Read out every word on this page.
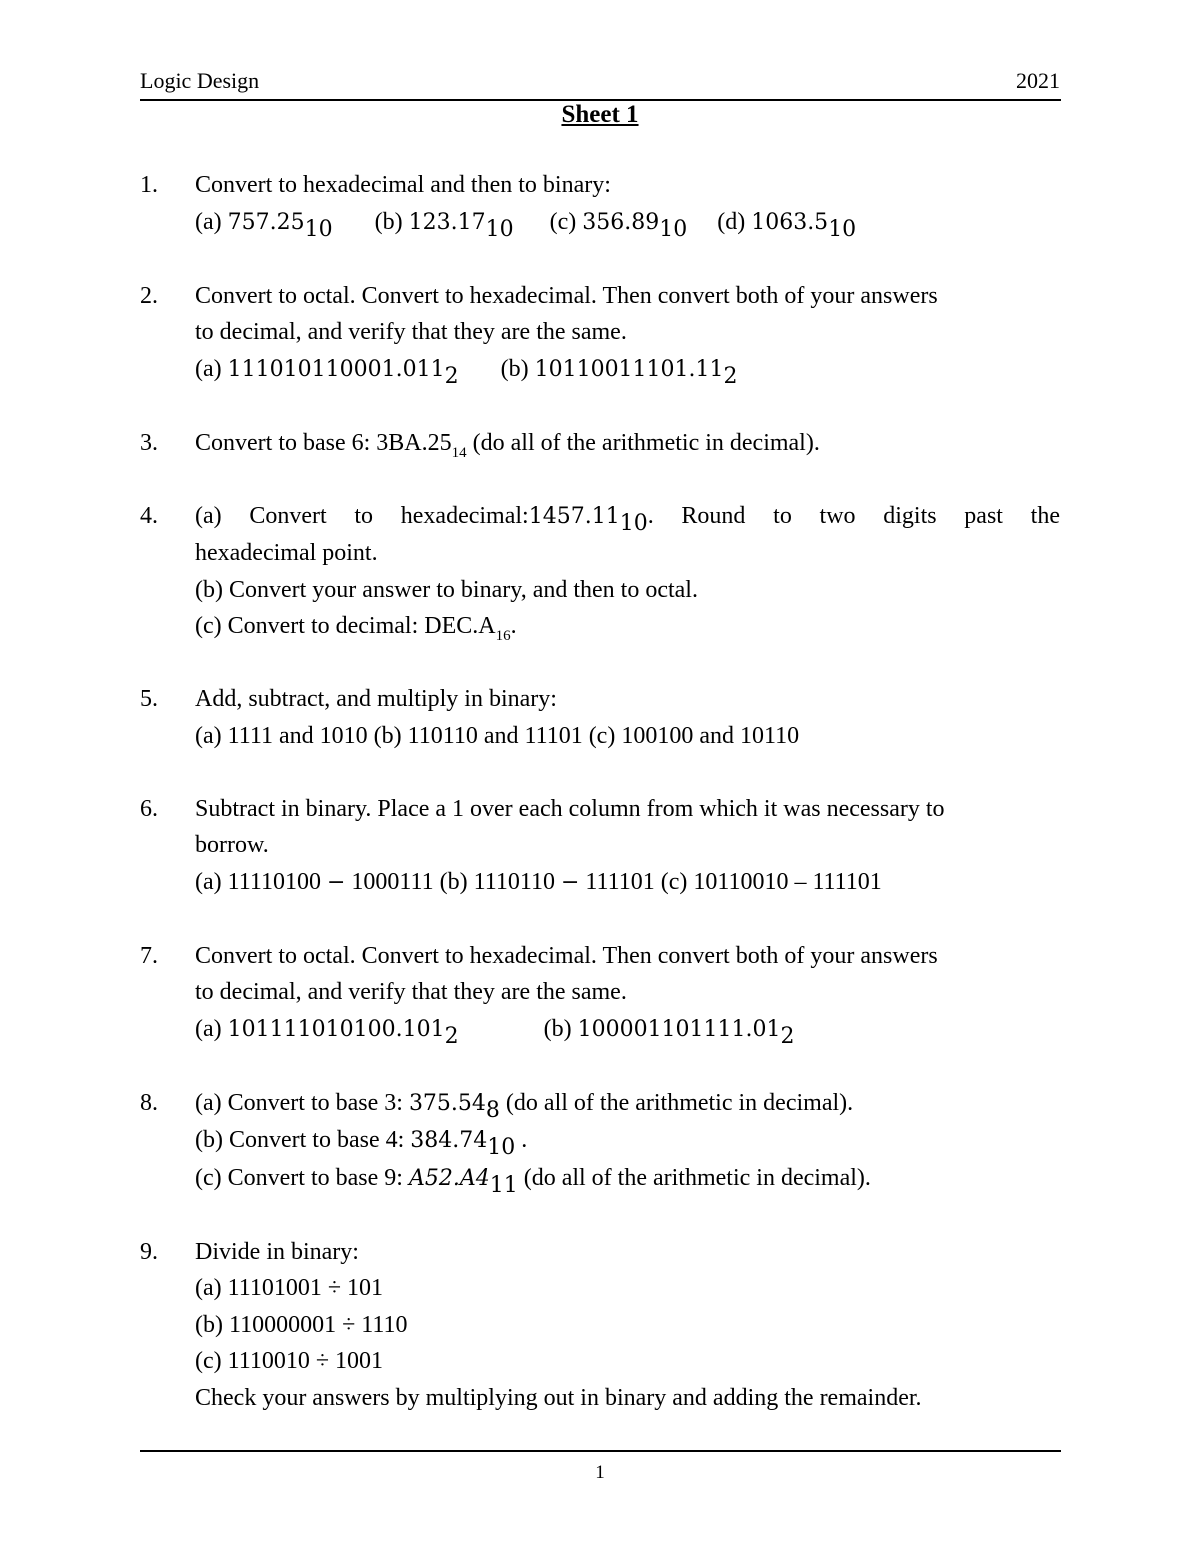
Logic Design	2021
Sheet 1
1.	Convert to hexadecimal and then to binary:
(a) $757.25_{10}$ (b) $123.17_{10}$ (c) $356.89_{10}$ (d) $1063.5_{10}$
2.	Convert to octal. Convert to hexadecimal. Then convert both of your answers
to decimal, and verify that they are the same.
(a) $111010110001.011_2$ (b) $10110011101.11_2$
3.	Convert to base 6: $3BA.25_{14}$ (do all of the arithmetic in decimal).
4.	(a) Convert to $hexadecimal:1457.11_{10}$. Round to two digits past the
hexadecimal point.
(b) Convert your answer to binary, and then to octal.
(c) Convert to decimal: $DEC.A_{16}$.
5.	Add, subtract, and multiply in binary:
(a) 1111 and 1010 (b) 110110 and 11101 (c) 100100 and 10110
6.	Subtract in binary. Place a 1 over each column from which it was necessary to
borrow.
(a) 11110100 − 1000111 (b) 1110110 − 111101 (c) 10110010 – 111101
7.	Convert to octal. Convert to hexadecimal. Then convert both of your answers
to decimal, and verify that they are the same.
(a) $101111010100.101_2$	(b) $100001101111.01_2$
8.	(a) Convert to base 3: $375.54_8$ (do all of the arithmetic in decimal).
(b) Convert to base 4: $384.74_{10}$ .
(c) Convert to base 9: $A52.A4_{11}$ (do all of the arithmetic in decimal).
9.	Divide in binary:
(a) 11101001 ÷ 101
(b) 110000001 ÷ 1110
(c) 1110010 ÷ 1001
Check your answers by multiplying out in binary and adding the remainder.
1
